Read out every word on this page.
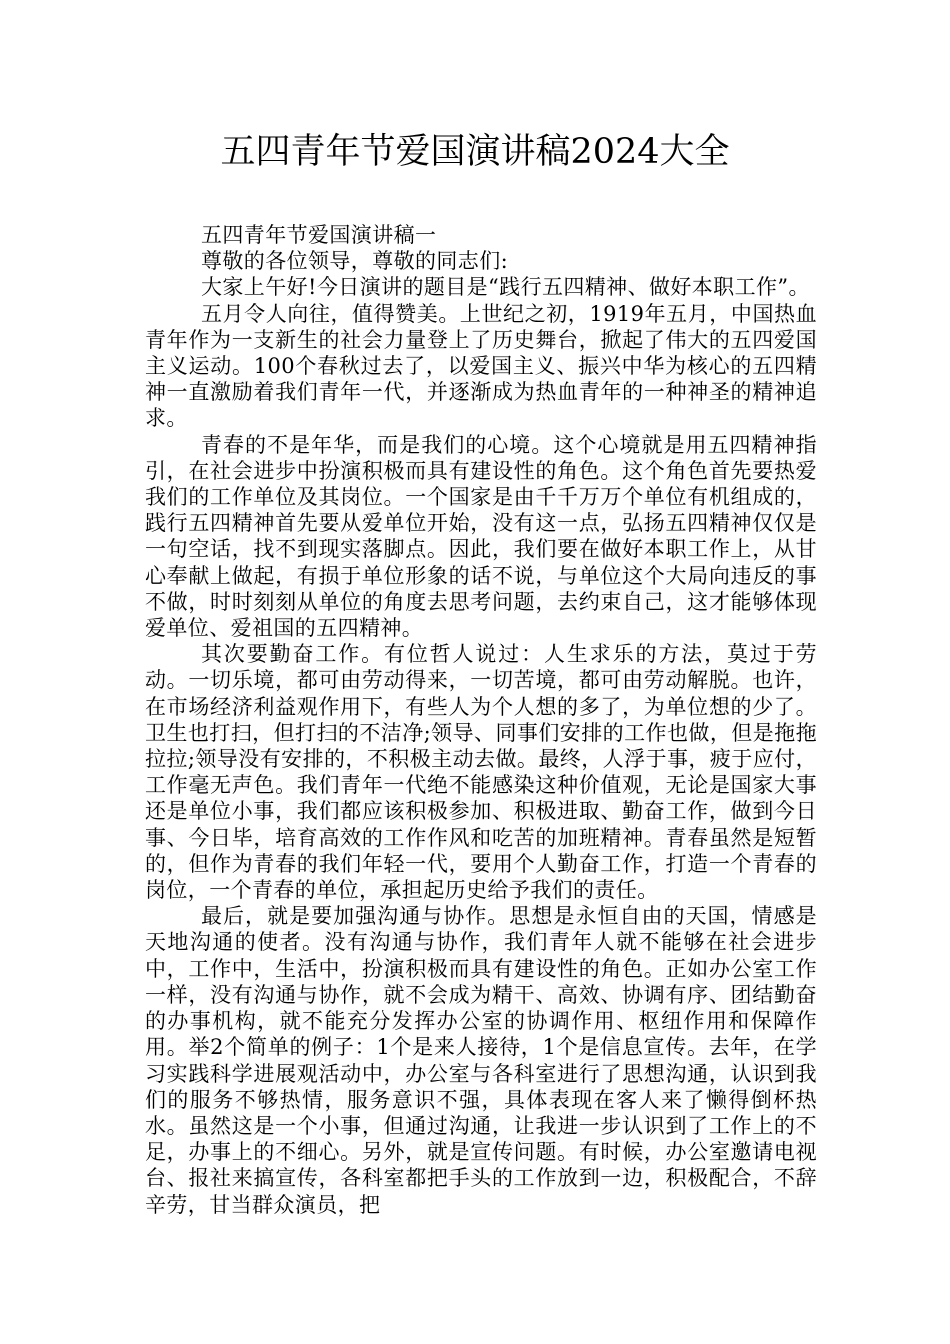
五四青年节爱国演讲稿2024大全

五四青年节爱国演讲稿一

尊敬的各位领导，尊敬的同志们:

大家上午好!今日演讲的题目是“践行五四精神、做好本职工作”。

五月令人向往，值得赞美。上世纪之初，1919年五月，中国热血青年作为一支新生的社会力量登上了历史舞台，掀起了伟大的五四爱国主义运动。100个春秋过去了，以爱国主义、振兴中华为核心的五四精神一直激励着我们青年一代，并逐渐成为热血青年的一种神圣的精神追求。

青春的不是年华，而是我们的心境。这个心境就是用五四精神指引，在社会进步中扮演积极而具有建设性的角色。这个角色首先要热爱我们的工作单位及其岗位。一个国家是由千千万万个单位有机组成的，践行五四精神首先要从爱单位开始，没有这一点，弘扬五四精神仅仅是一句空话，找不到现实落脚点。因此，我们要在做好本职工作上，从甘心奉献上做起，有损于单位形象的话不说，与单位这个大局向违反的事不做，时时刻刻从单位的角度去思考问题，去约束自己，这才能够体现爱单位、爱祖国的五四精神。

其次要勤奋工作。有位哲人说过：人生求乐的方法，莫过于劳动。一切乐境，都可由劳动得来，一切苦境，都可由劳动解脱。也许，在市场经济利益观作用下，有些人为个人想的多了，为单位想的少了。卫生也打扫，但打扫的不洁净;领导、同事们安排的工作也做，但是拖拖拉拉;领导没有安排的，不积极主动去做。最终，人浮于事，疲于应付，工作毫无声色。我们青年一代绝不能感染这种价值观，无论是国家大事还是单位小事，我们都应该积极参加、积极进取、勤奋工作，做到今日事、今日毕，培育高效的工作作风和吃苦的加班精神。青春虽然是短暂的，但作为青春的我们年轻一代，要用个人勤奋工作，打造一个青春的岗位，一个青春的单位，承担起历史给予我们的责任。

最后，就是要加强沟通与协作。思想是永恒自由的天国，情感是天地沟通的使者。没有沟通与协作，我们青年人就不能够在社会进步中，工作中，生活中，扮演积极而具有建设性的角色。正如办公室工作一样，没有沟通与协作，就不会成为精干、高效、协调有序、团结勤奋的办事机构，就不能充分发挥办公室的协调作用、枢纽作用和保障作用。举2个简单的例子：1个是来人接待，1个是信息宣传。去年，在学习实践科学进展观活动中，办公室与各科室进行了思想沟通，认识到我们的服务不够热情，服务意识不强，具体表现在客人来了懒得倒杯热水。虽然这是一个小事，但通过沟通，让我进一步认识到了工作上的不足，办事上的不细心。另外，就是宣传问题。有时候，办公室邀请电视台、报社来搞宣传，各科室都把手头的工作放到一边，积极配合，不辞辛劳，甘当群众演员，把
